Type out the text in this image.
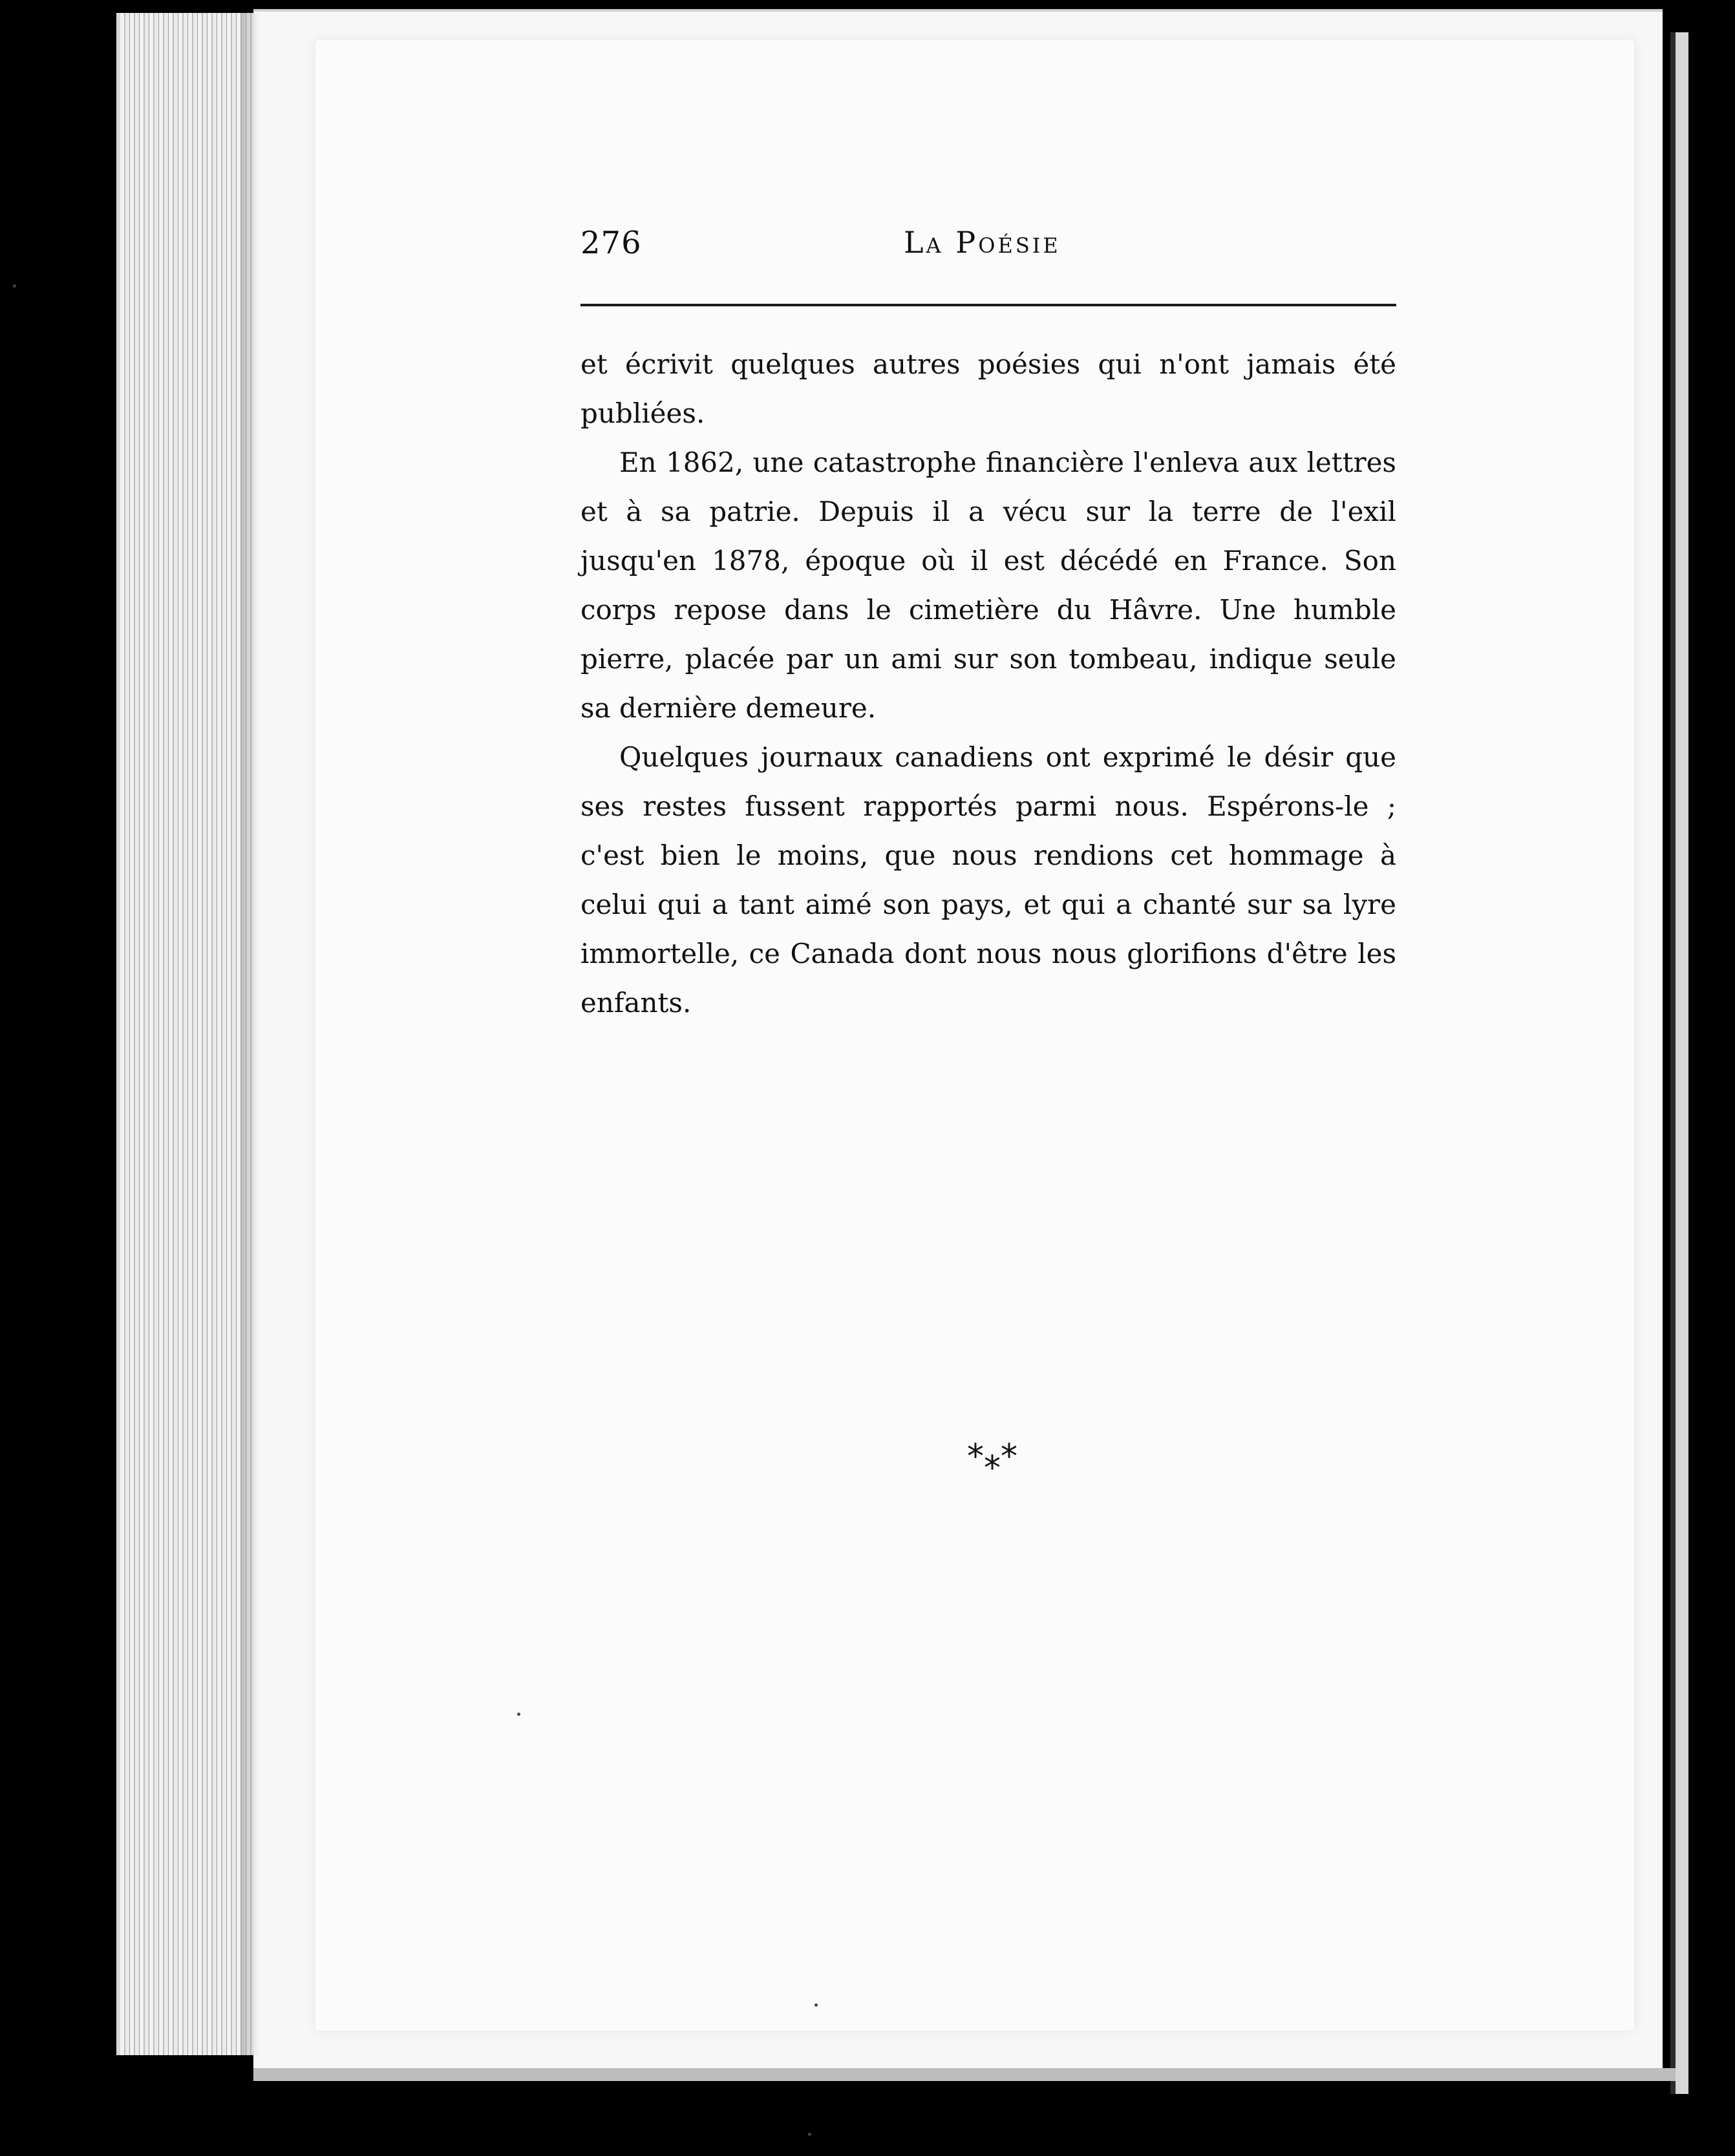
276	La Poésie

et écrivit quelques autres poésies qui n'ont jamais été publiées.

En 1862, une catastrophe financière l'enleva aux lettres et à sa patrie. Depuis il a vécu sur la terre de l'exil jusqu'en 1878, époque où il est décédé en France. Son corps repose dans le cimetière du Hâvre. Une humble pierre, placée par un ami sur son tombeau, indique seule sa dernière demeure.

Quelques journaux canadiens ont exprimé le désir que ses restes fussent rapportés parmi nous. Espérons-le ; c'est bien le moins, que nous rendions cet hommage à celui qui a tant aimé son pays, et qui a chanté sur sa lyre immortelle, ce Canada dont nous nous glorifions d'être les enfants.

***
